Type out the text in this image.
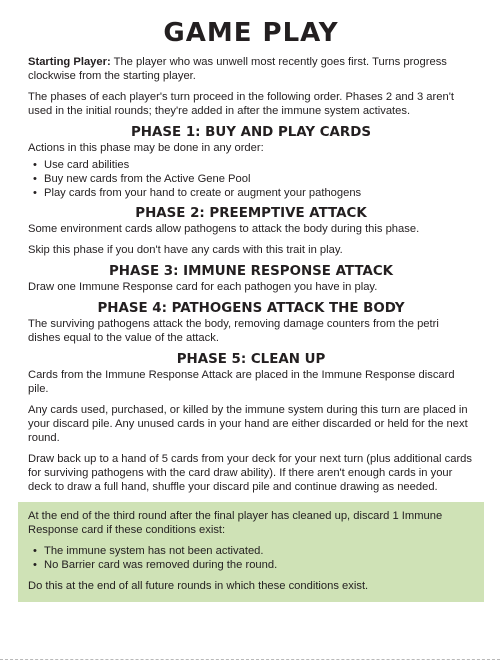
GAME PLAY

Starting Player: The player who was unwell most recently goes first. Turns progress clockwise from the starting player.

The phases of each player's turn proceed in the following order. Phases 2 and 3 aren't used in the initial rounds; they're added in after the immune system activates.

PHASE 1: BUY AND PLAY CARDS

Actions in this phase may be done in any order:

• Use card abilities
• Buy new cards from the Active Gene Pool
• Play cards from your hand to create or augment your pathogens
PHASE 2: PREEMPTIVE ATTACK

Some environment cards allow pathogens to attack the body during this phase.

Skip this phase if you don't have any cards with this trait in play.

PHASE 3: IMMUNE RESPONSE ATTACK

Draw one Immune Response card for each pathogen you have in play.

PHASE 4: PATHOGENS ATTACK THE BODY

The surviving pathogens attack the body, removing damage counters from the petri dishes equal to the value of the attack.

PHASE 5: CLEAN UP

Cards from the Immune Response Attack are placed in the Immune Response discard pile.

Any cards used, purchased, or killed by the immune system during this turn are placed in your discard pile. Any unused cards in your hand are either discarded or held for the next round.

Draw back up to a hand of 5 cards from your deck for your next turn (plus additional cards for surviving pathogens with the card draw ability). If there aren't enough cards in your deck to draw a full hand, shuffle your discard pile and continue drawing as needed.

At the end of the third round after the final player has cleaned up, discard 1 Immune Response card if these conditions exist:

• The immune system has not been activated.
• No Barrier card was removed during the round.

Do this at the end of all future rounds in which these conditions exist.
